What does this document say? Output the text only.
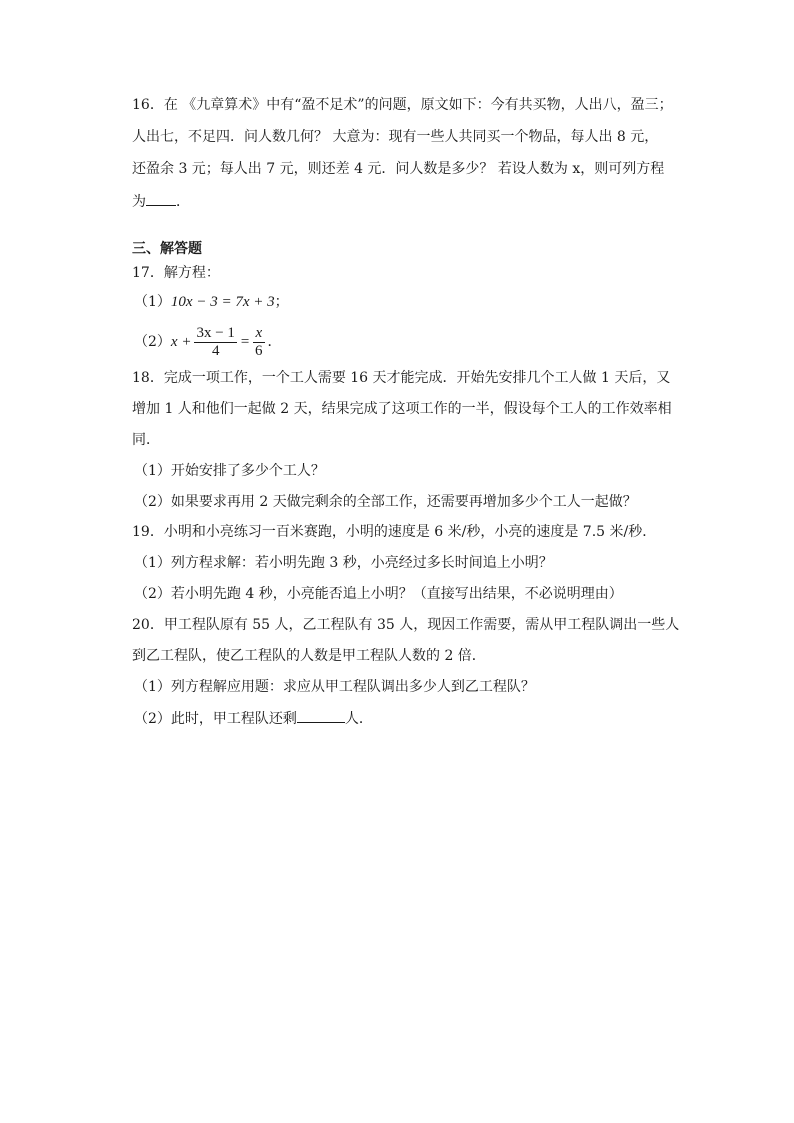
16．在 《九章算术》中有“盈不足术”的问题，原文如下：今有共买物，人出八，盈三；
人出七，不足四．问人数几何？ 大意为：现有一些人共同买一个物品，每人出 8 元，
还盈余 3 元；每人出 7 元，则还差 4 元．问人数是多少？ 若设人数为 x，则可列方程
为 ．
三、解答题
17．解方程：
（1）10x − 3 = 7x + 3；
$(2)x + \frac{3x - 1}{4} = \frac{x}{6}$ ．
18．完成一项工作，一个工人需要 16 天才能完成．开始先安排几个工人做 1 天后，又
增加 1 人和他们一起做 2 天，结果完成了这项工作的一半，假设每个工人的工作效率相
同．
（1）开始安排了多少个工人？
（2）如果要求再用 2 天做完剩余的全部工作，还需要再增加多少个工人一起做？
19．小明和小亮练习一百米赛跑，小明的速度是 6 米/秒，小亮的速度是 7.5 米/秒．
（1）列方程求解：若小明先跑 3 秒，小亮经过多长时间追上小明？
（2）若小明先跑 4 秒，小亮能否追上小明？（直接写出结果，不必说明理由）
20．甲工程队原有 55 人，乙工程队有 35 人，现因工作需要，需从甲工程队调出一些人
到乙工程队，使乙工程队的人数是甲工程队人数的 2 倍．
（1）列方程解应用题：求应从甲工程队调出多少人到乙工程队？
（2）此时，甲工程队还剩	人．
